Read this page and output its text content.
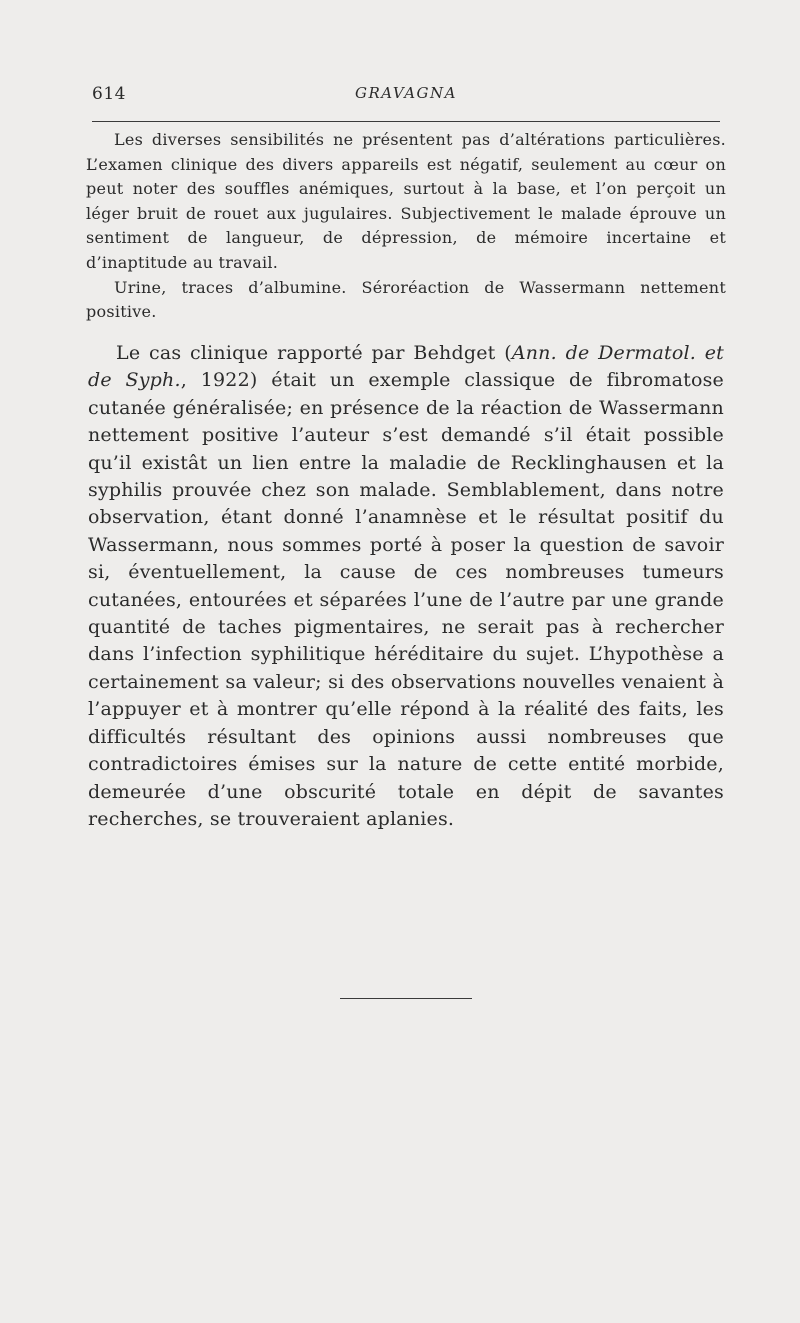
614	GRAVAGNA

Les diverses sensibilités ne présentent pas d’altérations particulières. L’examen clinique des divers appareils est négatif, seulement au cœur on peut noter des souffles anémiques, surtout à la base, et l’on perçoit un léger bruit de rouet aux jugulaires. Subjectivement le malade éprouve un sentiment de langueur, de dépression, de mémoire incertaine et d’inaptitude au travail.

Urine, traces d’albumine. Séroréaction de Wassermann nettement positive.

Le cas clinique rapporté par Behdget (Ann. de Dermatol. et de Syph., 1922) était un exemple classique de fibromatose cutanée généralisée; en présence de la réaction de Wassermann nettement positive l’auteur s’est demandé s’il était possible qu’il existât un lien entre la maladie de Recklinghausen et la syphilis prouvée chez son malade. Semblablement, dans notre observation, étant donné l’anamnèse et le résultat positif du Wassermann, nous sommes porté à poser la question de savoir si, éventuellement, la cause de ces nombreuses tumeurs cutanées, entourées et séparées l’une de l’autre par une grande quantité de taches pigmentaires, ne serait pas à rechercher dans l’infection syphilitique héréditaire du sujet. L’hypothèse a certainement sa valeur; si des observations nouvelles venaient à l’appuyer et à montrer qu’elle répond à la réalité des faits, les difficultés résultant des opinions aussi nombreuses que contradictoires émises sur la nature de cette entité morbide, demeurée d’une obscurité totale en dépit de savantes recherches, se trouveraient aplanies.
